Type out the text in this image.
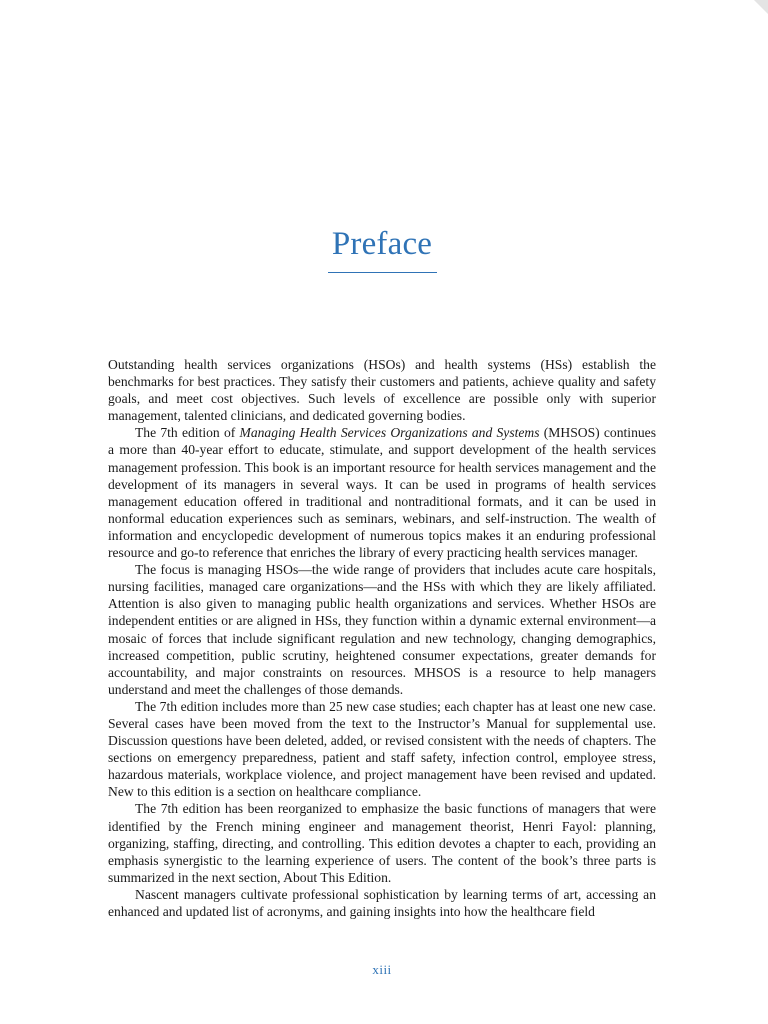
Preface

Outstanding health services organizations (HSOs) and health systems (HSs) establish the benchmarks for best practices. They satisfy their customers and patients, achieve quality and safety goals, and meet cost objectives. Such levels of excellence are possible only with superior management, talented clinicians, and dedicated governing bodies.

The 7th edition of Managing Health Services Organizations and Systems (MHSOS) continues a more than 40-year effort to educate, stimulate, and support development of the health services management profession. This book is an important resource for health services management and the development of its managers in several ways. It can be used in programs of health services management education offered in traditional and nontraditional formats, and it can be used in nonformal education experiences such as seminars, webinars, and self-instruction. The wealth of information and encyclopedic development of numerous topics makes it an enduring professional resource and go-to reference that enriches the library of every practicing health services manager.

The focus is managing HSOs—the wide range of providers that includes acute care hospitals, nursing facilities, managed care organizations—and the HSs with which they are likely affiliated. Attention is also given to managing public health organizations and services. Whether HSOs are independent entities or are aligned in HSs, they function within a dynamic external environment—a mosaic of forces that include significant regulation and new technology, changing demographics, increased competition, public scrutiny, heightened consumer expectations, greater demands for accountability, and major constraints on resources. MHSOS is a resource to help managers understand and meet the challenges of those demands.

The 7th edition includes more than 25 new case studies; each chapter has at least one new case. Several cases have been moved from the text to the Instructor’s Manual for supplemental use. Discussion questions have been deleted, added, or revised consistent with the needs of chapters. The sections on emergency preparedness, patient and staff safety, infection control, employee stress, hazardous materials, workplace violence, and project management have been revised and updated. New to this edition is a section on healthcare compliance.

The 7th edition has been reorganized to emphasize the basic functions of managers that were identified by the French mining engineer and management theorist, Henri Fayol: planning, organizing, staffing, directing, and controlling. This edition devotes a chapter to each, providing an emphasis synergistic to the learning experience of users. The content of the book’s three parts is summarized in the next section, About This Edition.

Nascent managers cultivate professional sophistication by learning terms of art, accessing an enhanced and updated list of acronyms, and gaining insights into how the healthcare field

xiii
